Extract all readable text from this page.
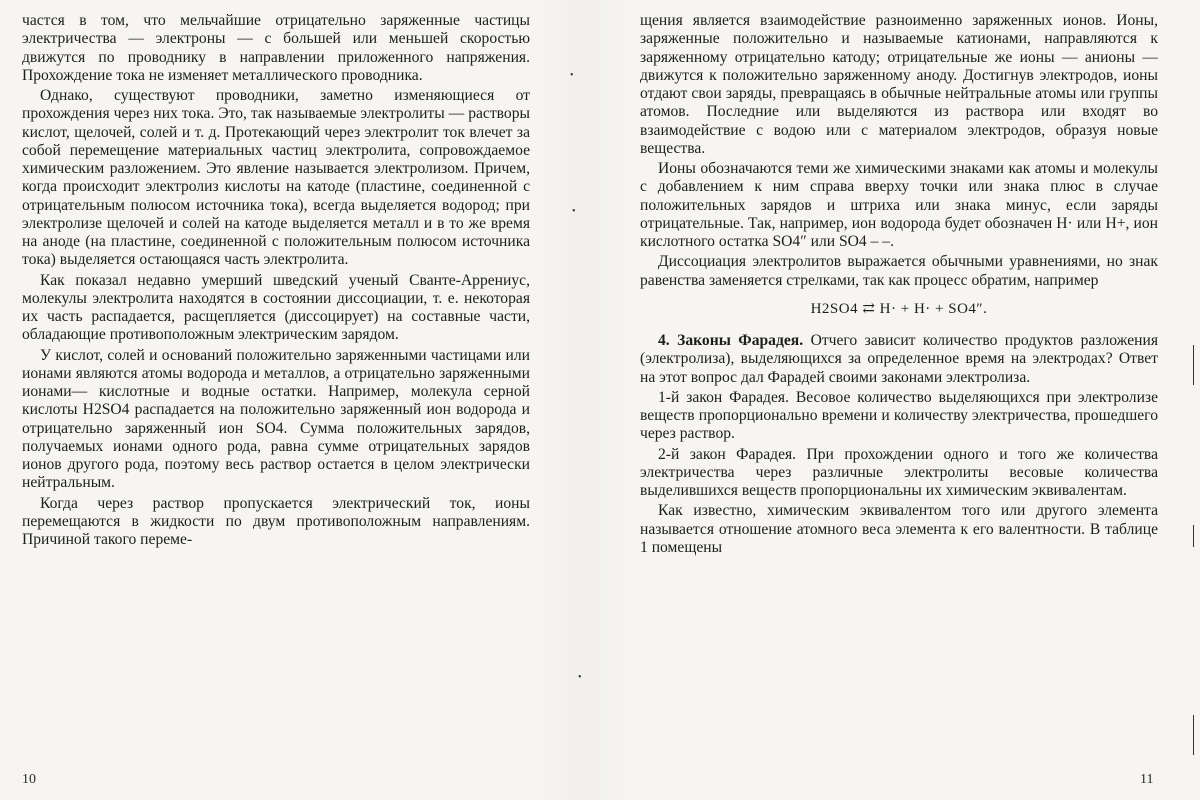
•
•
•

частся в том, что мельчайшие отрицательно заряженные частицы электричества — электроны — с большей или меньшей скоростью движутся по проводнику в направлении приложенного напряжения. Прохождение тока не изменяет металлического проводника.

Однако, существуют проводники, заметно изменяющиеся от прохождения через них тока. Это, так называемые электролиты — растворы кислот, щелочей, солей и т. д. Протекающий через электролит ток влечет за собой перемещение материальных частиц электролита, сопровождаемое химическим разложением. Это явление называется электролизом. Причем, когда происходит электролиз кислоты на катоде (пластине, соединенной с отрицательным полюсом источника тока), всегда выделяется водород; при электролизе щелочей и солей на катоде выделяется металл и в то же время на аноде (на пластине, соединенной с положительным полюсом источника тока) выделяется остающаяся часть электролита.

Как показал недавно умерший шведский ученый Сванте-Аррениус, молекулы электролита находятся в состоянии диссоциации, т. е. некоторая их часть распадается, расщепляется (диссоцирует) на составные части, обладающие противоположным электрическим зарядом.

У кислот, солей и оснований положительно заряженными частицами или ионами являются атомы водорода и металлов, а отрицательно заряженными ионами— кислотные и водные остатки. Например, молекула серной кислоты H2SO4 распадается на положительно заряженный ион водорода и отрицательно заряженный ион SO4. Сумма положительных зарядов, получаемых ионами одного рода, равна сумме отрицательных зарядов ионов другого рода, поэтому весь раствор остается в целом электрически нейтральным.

Когда через раствор пропускается электрический ток, ионы перемещаются в жидкости по двум противоположным направлениям. Причиной такого переме-

10

щения является взаимодействие разноименно заряженных ионов. Ионы, заряженные положительно и называемые катионами, направляются к заряженному отрицательно катоду; отрицательные же ионы — анионы — движутся к положительно заряженному аноду. Достигнув электродов, ионы отдают свои заряды, превращаясь в обычные нейтральные атомы или группы атомов. Последние или выделяются из раствора или входят во взаимодействие с водою или с материалом электродов, образуя новые вещества.

Ионы обозначаются теми же химическими знаками как атомы и молекулы с добавлением к ним справа вверху точки или знака плюс в случае положительных зарядов и штриха или знака минус, если заряды отрицательные. Так, например, ион водорода будет обозначен H· или H+, ион кислотного остатка SO4″ или SO4 – –.

Диссоциация электролитов выражается обычными уравнениями, но знак равенства заменяется стрелками, так как процесс обратим, например

H2SO4 ⇄ H· + H· + SO4″.

4. Законы Фарадея. Отчего зависит количество продуктов разложения (электролиза), выделяющихся за определенное время на электродах? Ответ на этот вопрос дал Фарадей своими законами электролиза.

1-й закон Фарадея. Весовое количество выделяющихся при электролизе веществ пропорционально времени и количеству электричества, прошедшего через раствор.

2-й закон Фарадея. При прохождении одного и того же количества электричества через различные электролиты весовые количества выделившихся веществ пропорциональны их химическим эквивалентам.

Как известно, химическим эквивалентом того или другого элемента называется отношение атомного веса элемента к его валентности. В таблице 1 помещены

11
